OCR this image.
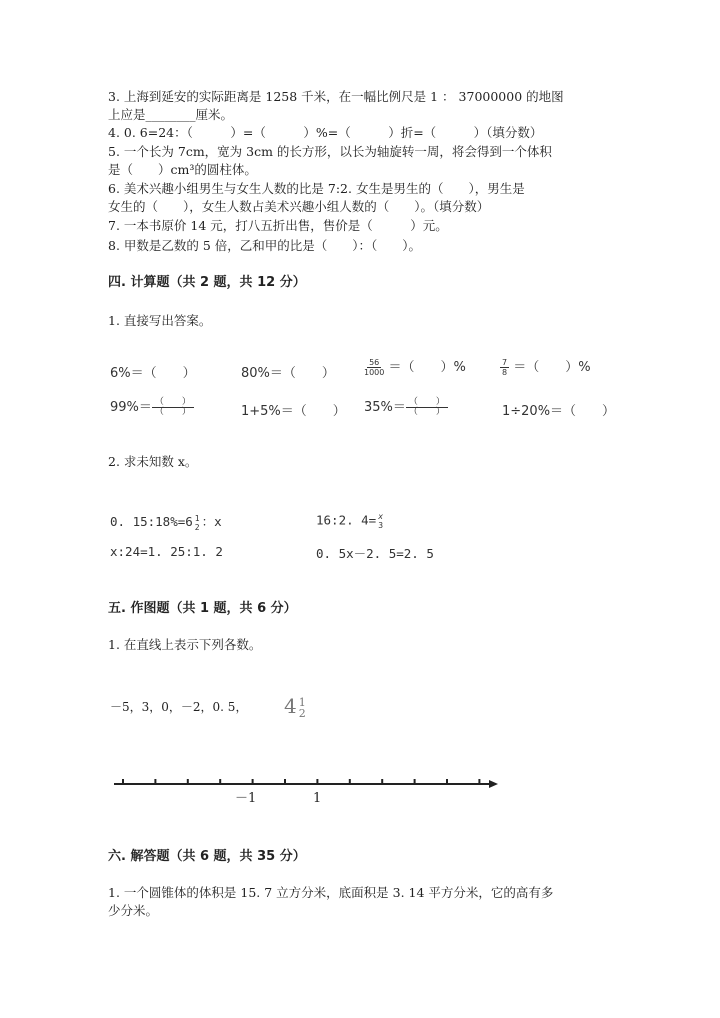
3. 上海到延安的实际距离是 1258 千米，在一幅比例尺是 1 ： 37000000 的地图
上应是________厘米。
4. 0. 6=24：（　　　）=（　　　）%=（　　　）折=（　　　）（填分数）
5. 一个长为 7cm，宽为 3cm 的长方形，以长为轴旋转一周，将会得到一个体积
是（　　）cm³的圆柱体。
6. 美术兴趣小组男生与女生人数的比是 7:2. 女生是男生的（　　），男生是
女生的（　　），女生人数占美术兴趣小组人数的（　　）。（填分数）
7. 一本书原价 14 元，打八五折出售，售价是（　　　）元。
8. 甲数是乙数的 5 倍，乙和甲的比是（　　）：（　　）。
四. 计算题（共 2 题，共 12 分）
1. 直接写出答案。
6%＝（　　）	80%＝（　　）	$\frac{56}{1000}$ ＝（　　）%	$\frac{7}{8}$ ＝（　　）%
$99\%= \frac{( )}{( )}$	1+5%＝（　　） $35\%= \frac{( )}{( )}$	1÷20%＝（　　）
2. 求未知数 x。
0. 15:18%=6 1
2 ：x	16:2. 4= x
3
x:24=1. 25:1. 2	0. 5x－2. 5=2. 5
五. 作图题（共 1 题，共 6 分）
1. 在直线上表示下列各数。
－5，3，0，－2，0. 5， 4 1
2
－1	1
六. 解答题（共 6 题，共 35 分）
1. 一个圆锥体的体积是 15. 7 立方分米，底面积是 3. 14 平方分米，它的高有多
少分米。
